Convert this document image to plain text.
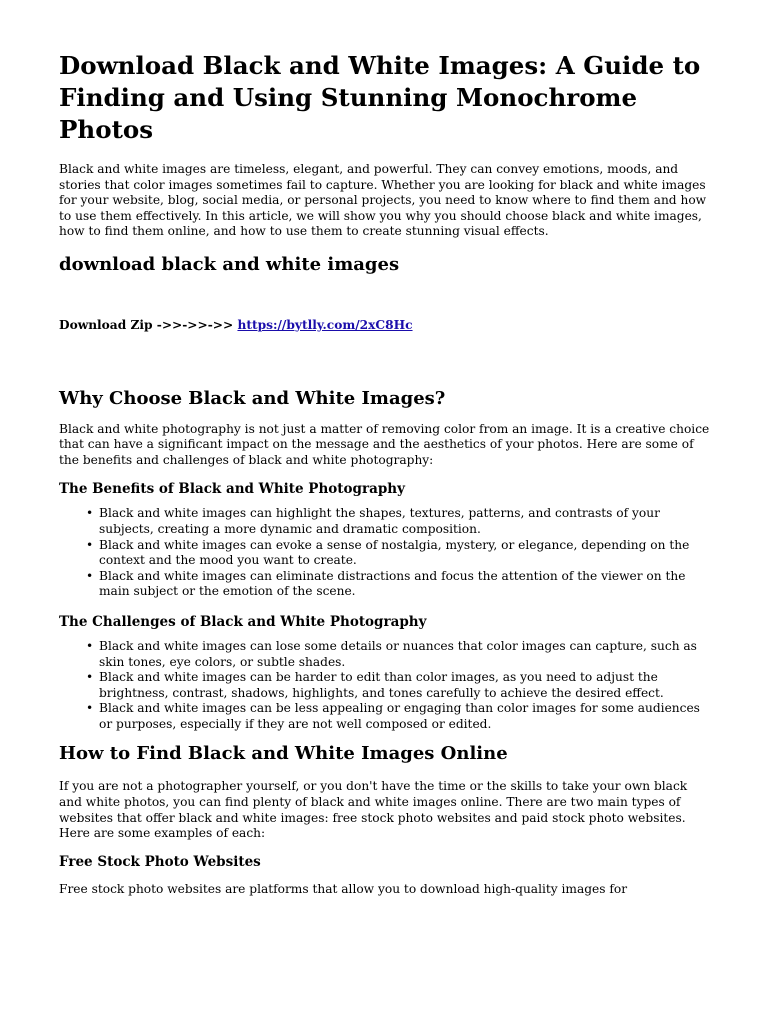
Download Black and White Images: A Guide to Finding and Using Stunning Monochrome Photos

Black and white images are timeless, elegant, and powerful. They can convey emotions, moods, and stories that color images sometimes fail to capture. Whether you are looking for black and white images for your website, blog, social media, or personal projects, you need to know where to find them and how to use them effectively. In this article, we will show you why you should choose black and white images, how to find them online, and how to use them to create stunning visual effects.

download black and white images
Download Zip ->>->>->> https://bytlly.com/2xC8Hc
Why Choose Black and White Images?

Black and white photography is not just a matter of removing color from an image. It is a creative choice that can have a significant impact on the message and the aesthetics of your photos. Here are some of the benefits and challenges of black and white photography:

The Benefits of Black and White Photography
• Black and white images can highlight the shapes, textures, patterns, and contrasts of your subjects, creating a more dynamic and dramatic composition.
• Black and white images can evoke a sense of nostalgia, mystery, or elegance, depending on the context and the mood you want to create.
• Black and white images can eliminate distractions and focus the attention of the viewer on the main subject or the emotion of the scene.
The Challenges of Black and White Photography
• Black and white images can lose some details or nuances that color images can capture, such as skin tones, eye colors, or subtle shades.
• Black and white images can be harder to edit than color images, as you need to adjust the brightness, contrast, shadows, highlights, and tones carefully to achieve the desired effect.
• Black and white images can be less appealing or engaging than color images for some audiences or purposes, especially if they are not well composed or edited.
How to Find Black and White Images Online

If you are not a photographer yourself, or you don't have the time or the skills to take your own black and white photos, you can find plenty of black and white images online. There are two main types of websites that offer black and white images: free stock photo websites and paid stock photo websites. Here are some examples of each:

Free Stock Photo Websites

Free stock photo websites are platforms that allow you to download high-quality images for
